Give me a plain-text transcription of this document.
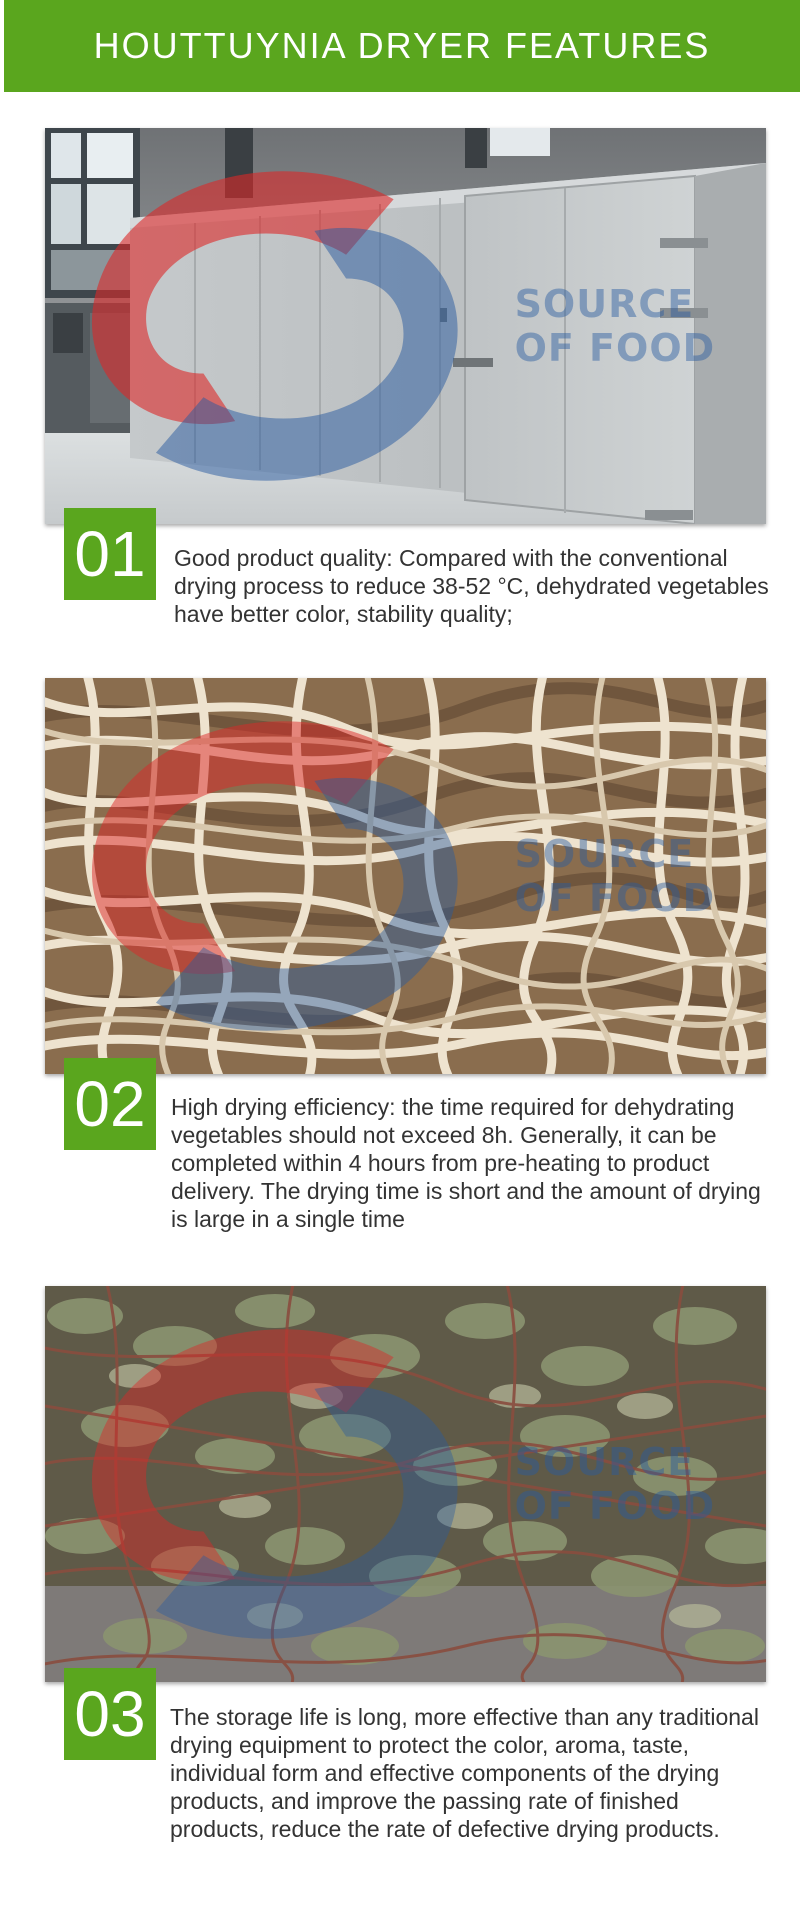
HOUTTUYNIA DRYER FEATURES
SOURCE OF FOOD
01	Good product quality: Compared with the conventional drying process to reduce 38-52 °C, dehydrated vegetables have better color, stability quality;
SOURCE OF FOOD
02	High drying efficiency: the time required for dehydrating vegetables should not exceed 8h. Generally, it can be completed within 4 hours from pre-heating to product delivery. The drying time is short and the amount of drying is large in a single time
SOURCE OF FOOD
03	The storage life is long, more effective than any traditional drying equipment to protect the color, aroma, taste, individual form and effective components of the drying products, and improve the passing rate of finished products, reduce the rate of defective drying products.
